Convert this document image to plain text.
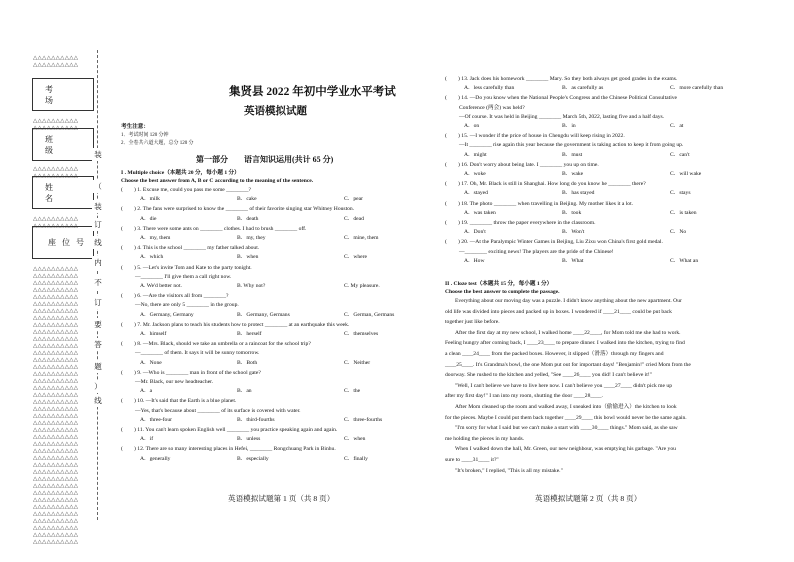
△△△△△△△△△△
△△△△△△△△△△
△△△△△△△△△△
△△△△△△△△△△
△△△△△△△△△△
△△△△△△△△△△
△△△△△△△△△△
△△△△△△△△△△
△△△△△△△△△△
△△△△△△△△△△
△△△△△△△△△△
△△△△△△△△△△
△△△△△△△△△△
△△△△△△△△△△
△△△△△△△△△△
△△△△△△△△△△
△△△△△△△△△△
△△△△△△△△△△
△△△△△△△△△△
△△△△△△△△△△
△△△△△△△△△△
△△△△△△△△△△
△△△△△△△△△△
△△△△△△△△△△
△△△△△△△△△△
△△△△△△△△△△
△△△△△△△△△△
△△△△△△△△△△
△△△△△△△△△△
△△△△△△△△△△
△△△△△△△△△△
△△△△△△△△△△
△△△△△△△△△△
△△△△△△△△△△
△△△△△△△△△△
△△△△△△△△△△
△△△△△△△△△△
△△△△△△△△△△
△△△△△△△△△△
△△△△△△△△△△
△△△△△△△△△△
△△△△△△△△△△
△△△△△△△△△△
△△△△△△△△△△
△△△△△△△△△△
△△△△△△△△△△
△△△△△△△△△△
△△△△△△△△△△
考 场
班 级
姓 名
座位号
装
（
装
订
线
内
不
订
要
答
题
）
线
集贤县 2022 年初中学业水平考试
英语模拟试题
考生注意：
1．考试时间 120 分钟
2．全卷共六道大题，总分 120 分
第一部分　　语言知识运用(共计 65 分)
I . Multiple choice（本题共 20 分，每小题 1 分）
Choose the best answer from A, B or C according to the meaning of the sentence.
(　　) 1. Excuse me, could you pass me some ________?
A．milk	B．cake	C．pear
(　　) 2. The fans were surprised to know the ________ of their favorite singing star Whitney Houston.
A．die	B．death	C．dead
(　　) 3. There were some ants on ________ clothes. I had to brush ________ off.
A．my, them	B．my, they	C．mine, them
(　　) 4. This is the school ________ my father talked about.
A．which	B．when	C．where
(　　) 5. —Let's invite Tom and Kate to the party tonight.
—________ I'll give them a call right now.
A. We'd better not.	B. Why not?	C. My pleasure.
(　　) 6. —Are the visitors all from ________?
—No, there are only 5 ________ in the group.
A．Germany, Germany	B．Germany, Germans	C．German, Germans
(　　) 7. Mr. Jackson plans to teach his students how to protect ________ at an earthquake this week.
A．himself	B．herself	C．themselves
(　　) 8. —Mrs. Black, should we take an umbrella or a raincoat for the school trip?
—________ of them. It says it will be sunny tomorrow.
A．None	B．Both	C．Neither
(　　) 9. —Who is ________ man in front of the school gate?
—Mr. Black, our new headteacher.
A．a	B．an	C．the
(　　) 10. —It's said that the Earth is a blue planet.
—Yes, that's because about ________ of its surface is covered with water.
A．three-four	B．third-fourths	C．three-fourths
(　　) 11. You can't learn spoken English well ________ you practice speaking again and again.
A．if	B．unless	C．when
(　　) 12. There are so many interesting places in Hefei, ________ Rongchuang Park in Binhu.
A．generally	B．especially	C．finally
英语模拟试题第 1 页（共 8 页）
(　　) 13. Jack does his homework ________ Mary. So they both always get good grades in the exams.
A．less carefully than	B．as carefully as	C．more carefully than
(　　) 14. —Do you know when the National People's Congress and the Chinese Political Consultative
Conference (两会) was held?
—Of course. It was held in Beijing ________ March 5th, 2022, lasting five and a half days.
A．on	B．in	C．at
(　　) 15. —I wonder if the price of house in Chengdu will keep rising in 2022.
—It ________ rise again this year because the government is taking action to keep it from going up.
A．might	B．must	C．can't
(　　) 16. Don't worry about being late. I ________ you up on time.
A．woke	B．wake	C．will wake
(　　) 17. Oh, Mr. Black is still in Shanghai. How long do you know he ________ there?
A．stayed	B．has stayed	C．stays
(　　) 18. The photo ________ when travelling in Beijing. My mother likes it a lot.
A．was taken	B．took	C．is taken
(　　) 19. ________ throw the paper everywhere in the classroom.
A．Don't	B．Won't	C．No
(　　) 20. —At the Paralympic Winter Games in Beijing, Liu Zixu won China's first gold medal.
—________ exciting news! The players are the pride of the Chinese!
A．How	B．What	C．What an
II . Cloze test（本题共 15 分，每小题 1 分）
Choose the best answer to complete the passage.
Everything about our moving day was a puzzle. I didn't know anything about the new apartment. Our
old life was divided into pieces and packed up in boxes. I wondered if ____21____ could be put back
together just like before.
After the first day at my new school, I walked home ____22____, for Mom told me she had to work.
Feeling hungry after coming back, I ____23____ to prepare dinner. I walked into the kitchen, trying to find
a clean ____24____ from the packed boxes. However, it slipped（滑落）through my fingers and
____25____. It's Grandma's bowl, the one Mom put out for important days! "Benjamin!" cried Mom from the
doorway. She rushed to the kitchen and yelled, "See ____26____ you did! I can't believe it!"
"Well, I can't believe we have to live here now. I can't believe you ____27____ didn't pick me up
after my first day!" I ran into my room, shutting the door ____28____.
After Mom cleaned up the room and walked away, I sneaked into（偷偷进入）the kitchen to look
for the pieces. Maybe I could put them back together ____29____ this bowl would never be the same again.
"I'm sorry for what I said but we can't make a start with ____30____ things." Mom said, as she saw
me holding the pieces in my hands.
When I walked down the hall, Mr. Green, our new neighbour, was emptying his garbage. "Are you
sure to ____31____ it?"
"It's broken," I replied, "This is all my mistake."
英语模拟试题第 2 页（共 8 页）
